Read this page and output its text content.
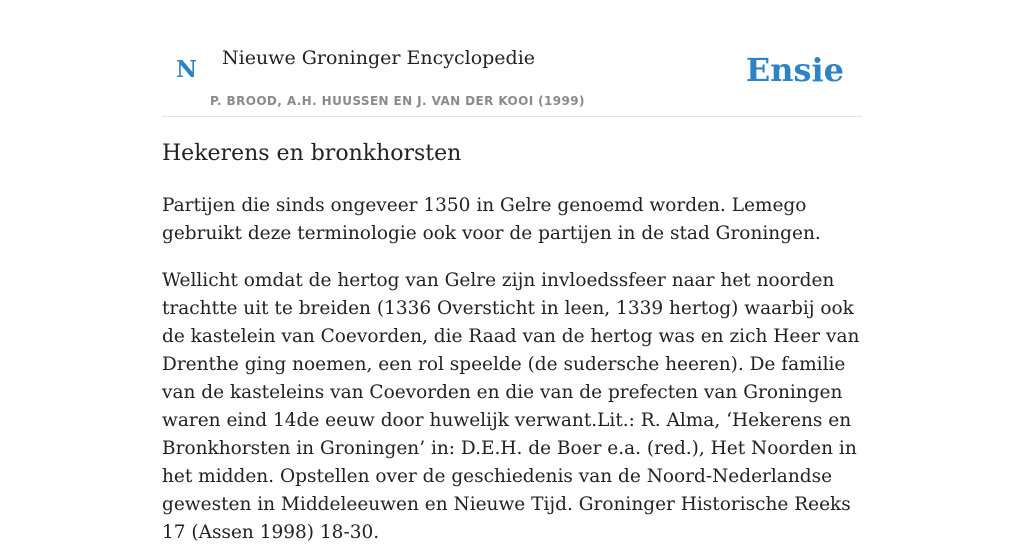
N Nieuwe Groninger Encyclopedie
P. BROOD, A.H. HUUSSEN EN J. VAN DER KOOI (1999)
Ensie
Hekerens en bronkhorsten

Partijen die sinds ongeveer 1350 in Gelre genoemd worden. Lemego gebruikt deze terminologie ook voor de partijen in de stad Groningen.

Wellicht omdat de hertog van Gelre zijn invloedssfeer naar het noorden trachtte uit te breiden (1336 Oversticht in leen, 1339 hertog) waarbij ook de kastelein van Coevorden, die Raad van de hertog was en zich Heer van Drenthe ging noemen, een rol speelde (de sudersche heeren). De familie van de kasteleins van Coevorden en die van de prefecten van Groningen waren eind 14de eeuw door huwelijk verwant.Lit.: R. Alma, ‘Hekerens en Bronkhorsten in Groningen’ in: D.E.H. de Boer e.a. (red.), Het Noorden in het midden. Opstellen over de geschiedenis van de Noord-Nederlandse gewesten in Middeleeuwen en Nieuwe Tijd. Groninger Historische Reeks 17 (Assen 1998) 18-30.
